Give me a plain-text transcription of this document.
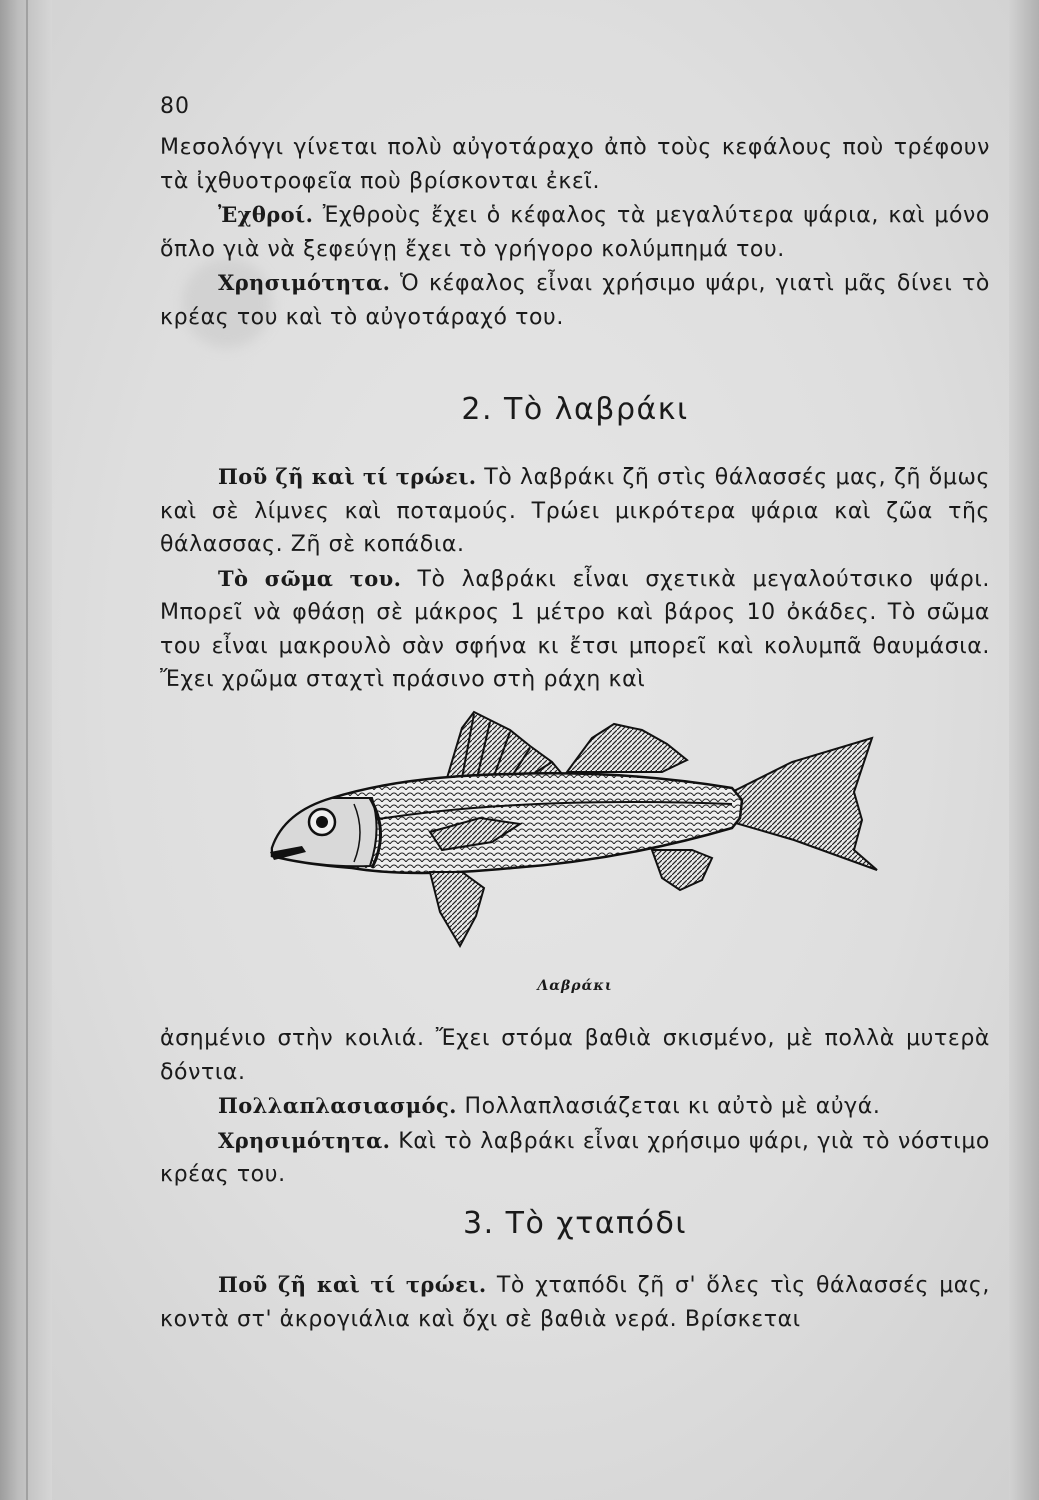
80

Μεσολόγγι γίνεται πολὺ αὐγοτάραχο ἀπὸ τοὺς κεφάλους ποὺ τρέφουν τὰ ἰχθυοτροφεῖα ποὺ βρίσκονται ἐκεῖ.

Ἐχθροί. Ἐχθροὺς ἔχει ὁ κέφαλος τὰ μεγαλύτερα ψάρια, καὶ μόνο ὅπλο γιὰ νὰ ξεφεύγῃ ἔχει τὸ γρήγορο κολύμπημά του.

Χρησιμότητα. Ὁ κέφαλος εἶναι χρήσιμο ψάρι, γιατὶ μᾶς δίνει τὸ κρέας του καὶ τὸ αὐγοτάραχό του.

2. Τὸ λαβράκι

Ποῦ ζῆ καὶ τί τρώει. Τὸ λαβράκι ζῆ στὶς θάλασσές μας, ζῆ ὅμως καὶ σὲ λίμνες καὶ ποταμούς. Τρώει μικρότερα ψάρια καὶ ζῶα τῆς θάλασσας. Ζῆ σὲ κοπάδια.

Τὸ σῶμα του. Τὸ λαβράκι εἶναι σχετικὰ μεγαλούτσικο ψάρι. Μπορεῖ νὰ φθάσῃ σὲ μάκρος 1 μέτρο καὶ βάρος 10 ὀκάδες. Τὸ σῶμα του εἶναι μακρουλὸ σὰν σφήνα κι ἔτσι μπορεῖ καὶ κολυμπᾶ θαυμάσια. Ἔχει χρῶμα σταχτὶ πράσινο στὴ ράχη καὶ

Λαβράκι

ἀσημένιο στὴν κοιλιά. Ἔχει στόμα βαθιὰ σκισμένο, μὲ πολλὰ μυτερὰ δόντια.

Πολλαπλασιασμός. Πολλαπλασιάζεται κι αὐτὸ μὲ αὐγά.

Χρησιμότητα. Καὶ τὸ λαβράκι εἶναι χρήσιμο ψάρι, γιὰ τὸ νόστιμο κρέας του.

3. Τὸ χταπόδι

Ποῦ ζῆ καὶ τί τρώει. Τὸ χταπόδι ζῆ σ' ὅλες τὶς θάλασσές μας, κοντὰ στ' ἀκρογιάλια καὶ ὄχι σὲ βαθιὰ νερά. Βρίσκεται
